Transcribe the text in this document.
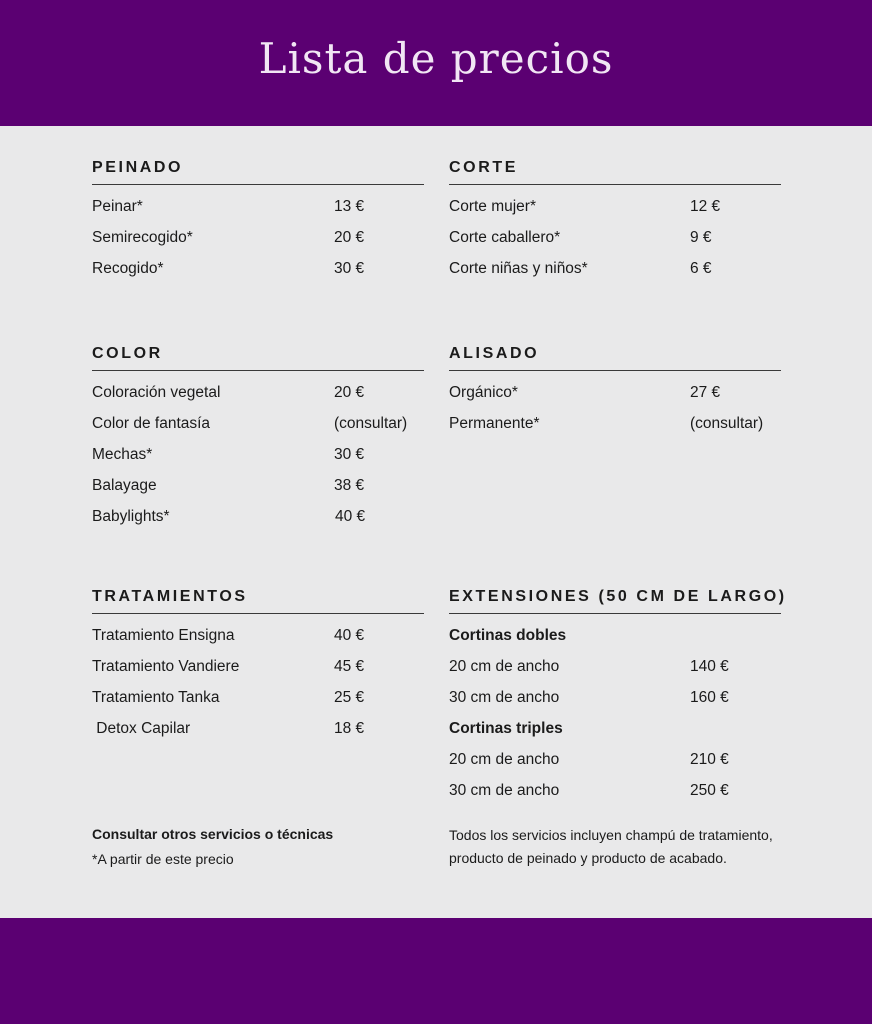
Lista de precios
PEINADO
Peinar*	13 €
Semirecogido*	20 €
Recogido*	30 €
CORTE
Corte mujer*	12 €
Corte caballero*	9 €
Corte niñas y niños*	6 €
COLOR
Coloración vegetal	20 €
Color de fantasía	(consultar)
Mechas*	30 €
Balayage	38 €
Babylights*	40 €
ALISADO
Orgánico*	27 €
Permanente*	(consultar)
TRATAMIENTOS
Tratamiento Ensigna	40 €
Tratamiento Vandiere	45 €
Tratamiento Tanka	25 €
Detox Capilar	18 €
EXTENSIONES (50 CM DE LARGO)
Cortinas dobles
20 cm de ancho	140 €
30 cm de ancho	160 €
Cortinas triples
20 cm de ancho	210 €
30 cm de ancho	250 €
Consultar otros servicios o técnicas
*A partir de este precio
Todos los servicios incluyen champú de tratamiento, producto de peinado y producto de acabado.
